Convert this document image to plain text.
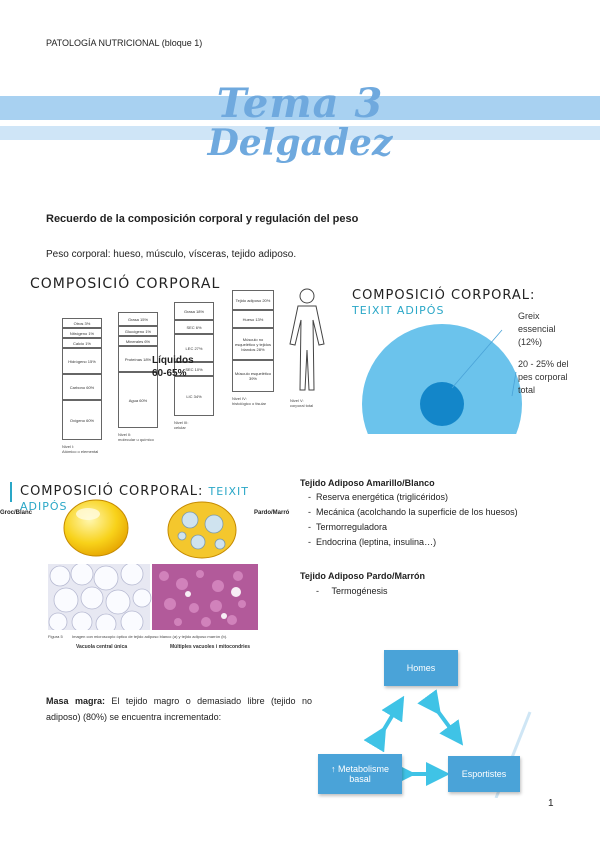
PATOLOGÍA NUTRICIONAL (bloque 1)
Tema 3
Delgadez
Recuerdo de la composición corporal y regulación del peso
Peso corporal: hueso, músculo, vísceras, tejido adiposo.
COMPOSICIÓ CORPORAL
Otros 3%
Nitrógeno 1%
Calcio 1%
Hidrógeno 15%
Carbono 60%
Oxígeno 60%
Nivel I:
Atómico o elemental
Grasa 15%
Glucógeno 1%
Minerales 6%
Proteínas 18%
Agua 60%
Nivel II:
molecular u químico
Grasa 18%
SEC 6%
LEC 27%
SEC 10%
LIC 34%
Nivel III:
celular
Tejido adiposo 20%
Hueso 13%
Músculo no esquelético y tejidos blandos 28%
Músculo esquelético 39%
Nivel IV:
histológico o tisular
Nivel V:
corporal total
Líquidos
60-65%
COMPOSICIÓ CORPORAL: TEIXIT ADIPÓS	Greix
essencial
(12%)
20 - 25% del
pes corporal
total
COMPOSICIÓ CORPORAL: TEIXIT ADIPÓS
Groc/Blanc	Pardo/Marró
Figura 5 Imagen con microscopio óptico de tejido adiposo blanco (a) y tejido adiposo marrón (b).
Vacuola central única	Múltiples vacuoles i mitocondries
Tejido Adiposo Amarillo/Blanco
-  Reserva energética (triglicéridos)
-  Mecánica (acolchando la superficie de los huesos)
-  Termorreguladora
-  Endocrina (leptina, insulina…)
Tejido Adiposo Pardo/Marrón
-     Termogénesis
Masa magra: El tejido magro o demasiado libre (tejido no adiposo) (80%) se encuentra incrementado:
Homes
↑ Metabolisme basal	Esportistes
1
